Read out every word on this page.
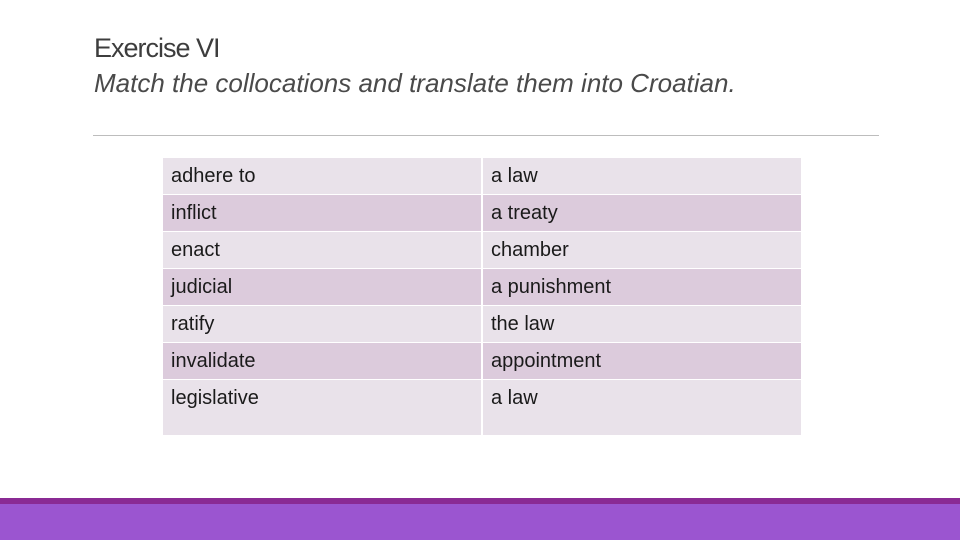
Exercise VI
Match the collocations and translate them into Croatian.
adhere to	a law
inflict	a treaty
enact	chamber
judicial	a punishment
ratify	the law
invalidate	appointment
legislative	a law
